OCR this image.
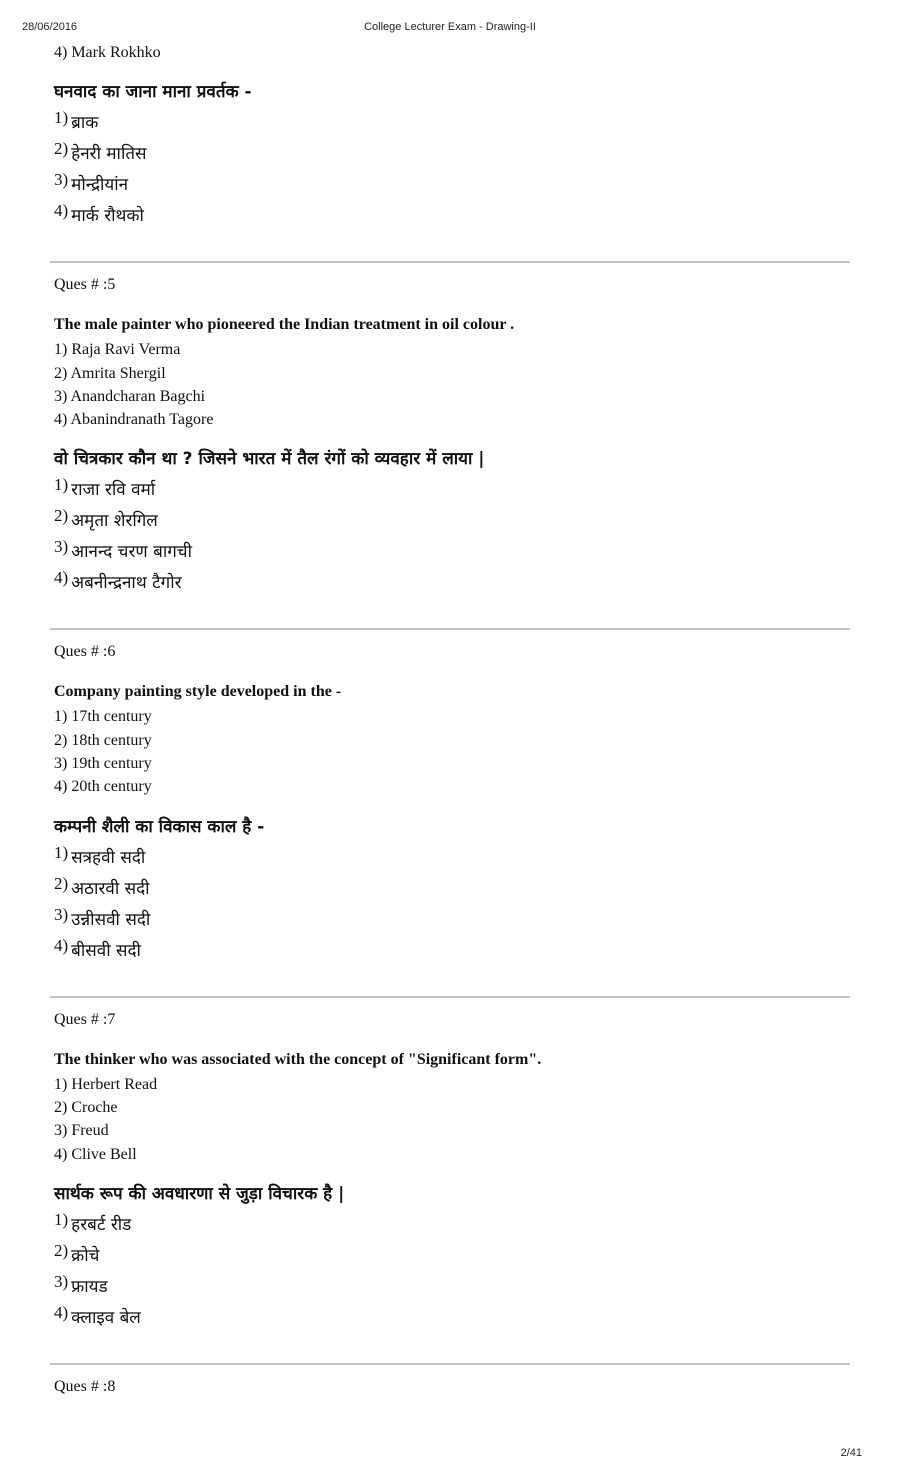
28/06/2016	College Lecturer Exam - Drawing-II
4) Mark Rokhko
घनवाद का जाना माना प्रवर्तक -
1) ब्राक
2) हेनरी मातिस
3) मोन्द्रीयांन
4) मार्क रौथको
Ques # :5
The male painter who pioneered the Indian treatment in oil colour .
1) Raja Ravi Verma
2) Amrita Shergil
3) Anandcharan Bagchi
4) Abanindranath Tagore
वो चित्रकार कौन था ? जिसने भारत में तैल रंगों को व्यवहार में लाया |
1) राजा रवि वर्मा
2) अमृता शेरगिल
3) आनन्द चरण बागची
4) अबनीन्द्रनाथ टैगोर
Ques # :6
Company painting style developed in the -
1) 17th century
2) 18th century
3) 19th century
4) 20th century
कम्पनी शैली का विकास काल है -
1) सत्रहवी सदी
2) अठारवी सदी
3) उन्नीसवी सदी
4) बीसवी सदी
Ques # :7
The thinker who was associated with the concept of "Significant form".
1) Herbert Read
2) Croche
3) Freud
4) Clive Bell
सार्थक रूप की अवधारणा से जुड़ा विचारक है |
1) हरबर्ट रीड
2) क्रोचे
3) फ्रायड
4) क्लाइव बेल
Ques # :8
2/41
